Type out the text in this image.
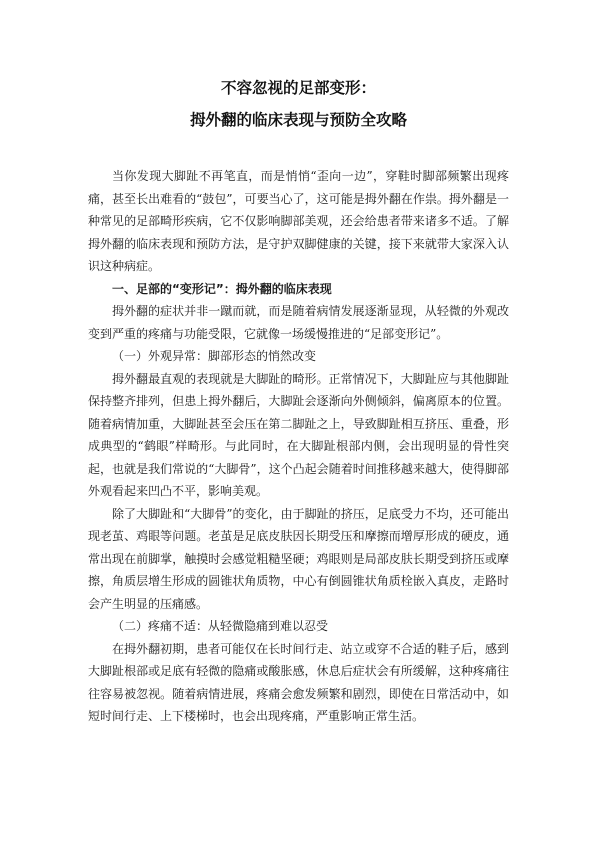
不容忽视的足部变形：
拇外翻的临床表现与预防全攻略

当你发现大脚趾不再笔直，而是悄悄“歪向一边”，穿鞋时脚部频繁出现疼痛，甚至长出难看的“鼓包”，可要当心了，这可能是拇外翻在作祟。拇外翻是一种常见的足部畸形疾病，它不仅影响脚部美观，还会给患者带来诸多不适。了解拇外翻的临床表现和预防方法，是守护双脚健康的关键，接下来就带大家深入认识这种病症。

一、足部的“变形记”：拇外翻的临床表现

拇外翻的症状并非一蹴而就，而是随着病情发展逐渐显现，从轻微的外观改变到严重的疼痛与功能受限，它就像一场缓慢推进的“足部变形记”。

（一）外观异常：脚部形态的悄然改变

拇外翻最直观的表现就是大脚趾的畸形。正常情况下，大脚趾应与其他脚趾保持整齐排列，但患上拇外翻后，大脚趾会逐渐向外侧倾斜，偏离原本的位置。随着病情加重，大脚趾甚至会压在第二脚趾之上，导致脚趾相互挤压、重叠，形成典型的“鹤眼”样畸形。与此同时，在大脚趾根部内侧，会出现明显的骨性突起，也就是我们常说的“大脚骨”，这个凸起会随着时间推移越来越大，使得脚部外观看起来凹凸不平，影响美观。

除了大脚趾和“大脚骨”的变化，由于脚趾的挤压，足底受力不均，还可能出现老茧、鸡眼等问题。老茧是足底皮肤因长期受压和摩擦而增厚形成的硬皮，通常出现在前脚掌，触摸时会感觉粗糙坚硬；鸡眼则是局部皮肤长期受到挤压或摩擦，角质层增生形成的圆锥状角质物，中心有倒圆锥状角质栓嵌入真皮，走路时会产生明显的压痛感。

（二）疼痛不适：从轻微隐痛到难以忍受

在拇外翻初期，患者可能仅在长时间行走、站立或穿不合适的鞋子后，感到大脚趾根部或足底有轻微的隐痛或酸胀感，休息后症状会有所缓解，这种疼痛往往容易被忽视。随着病情进展，疼痛会愈发频繁和剧烈，即使在日常活动中，如短时间行走、上下楼梯时，也会出现疼痛，严重影响正常生活。
